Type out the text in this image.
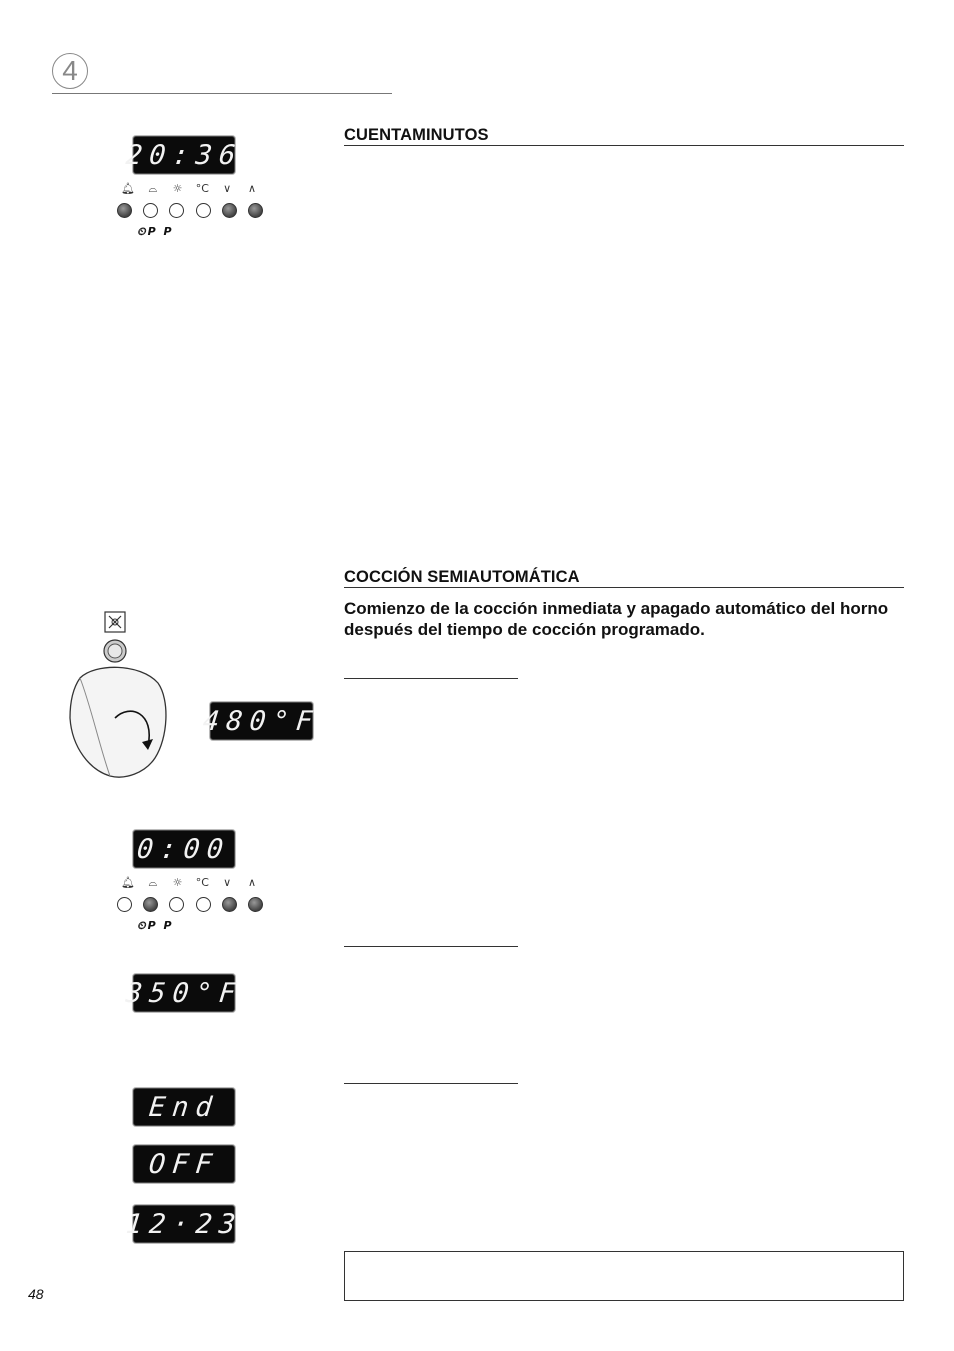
4
CUENTAMINUTOS
20:36
🔔︎	⌓	☼	°C	∨	∧
⏲P P
COCCIÓN SEMIAUTOMÁTICA
Comienzo de la cocción inmediata y apagado automático del horno después del tiempo de cocción programado.
480°F
0:00
🔔︎	⌓	☼	°C	∨	∧
⏲P P
350°F
End
OFF
12·23
48
